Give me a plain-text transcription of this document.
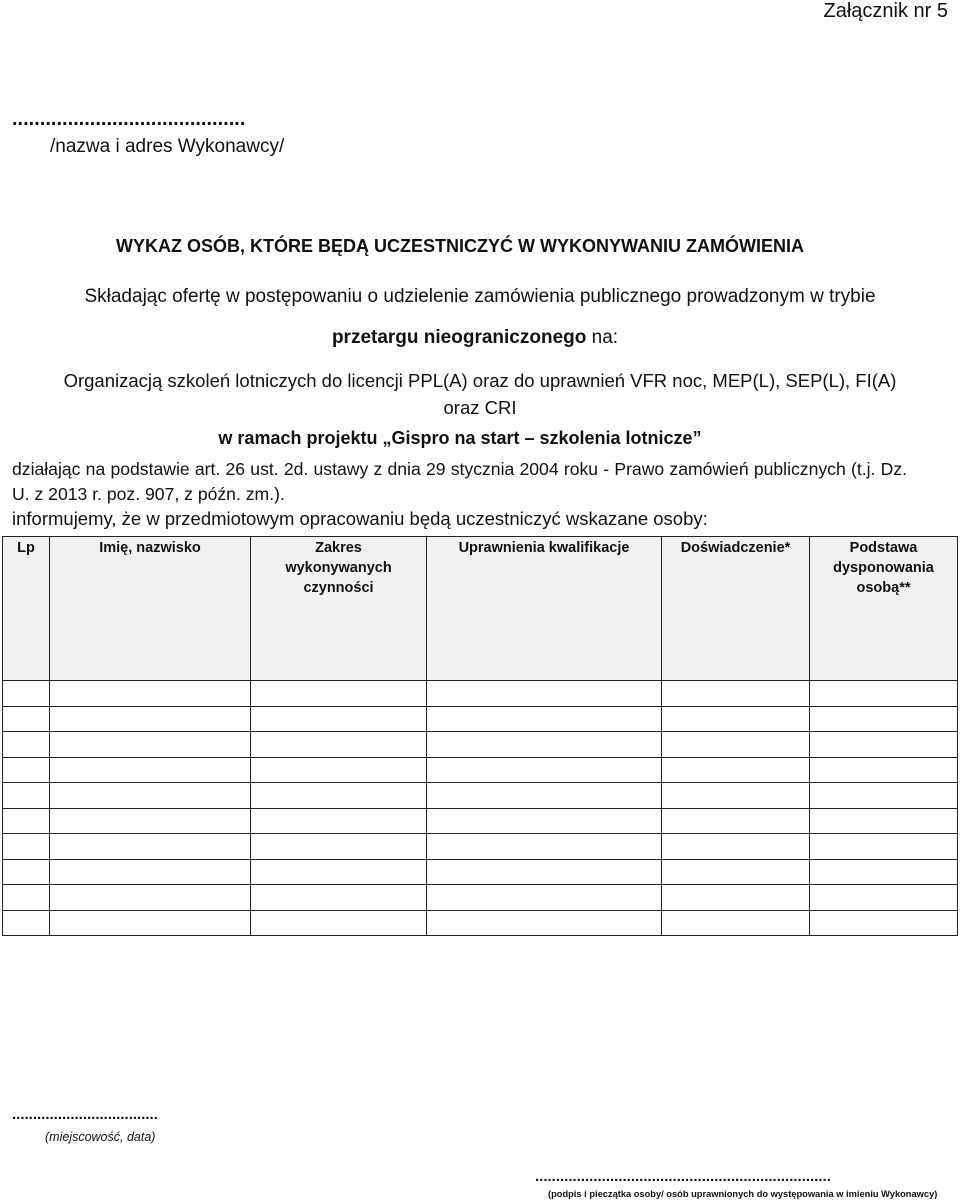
Załącznik nr 5
..........................................
/nazwa i adres Wykonawcy/
WYKAZ OSÓB, KTÓRE BĘDĄ UCZESTNICZYĆ W WYKONYWANIU ZAMÓWIENIA
Składając ofertę w postępowaniu o udzielenie zamówienia publicznego prowadzonym w trybie
przetargu nieograniczonego na:
Organizacją szkoleń lotniczych do licencji PPL(A) oraz do uprawnień VFR noc, MEP(L), SEP(L), FI(A)
oraz CRI
w ramach projektu „Gispro na start – szkolenia lotnicze”
działając na podstawie art. 26 ust. 2d. ustawy z dnia 29 stycznia 2004 roku - Prawo zamówień publicznych (t.j. Dz. U. z 2013 r. poz. 907, z późn. zm.).
informujemy, że w przedmiotowym opracowaniu będą uczestniczyć wskazane osoby:
Lp	Imię, nazwisko	Zakres wykonywanych czynności	Uprawnienia kwalifikacje	Doświadczenie*	Podstawa dysponowania osobą**

...................................
(miejscowość, data)
.......................................................................
(podpis i pieczątka osoby/ osób uprawnionych do występowania w imieniu Wykonawcy)
